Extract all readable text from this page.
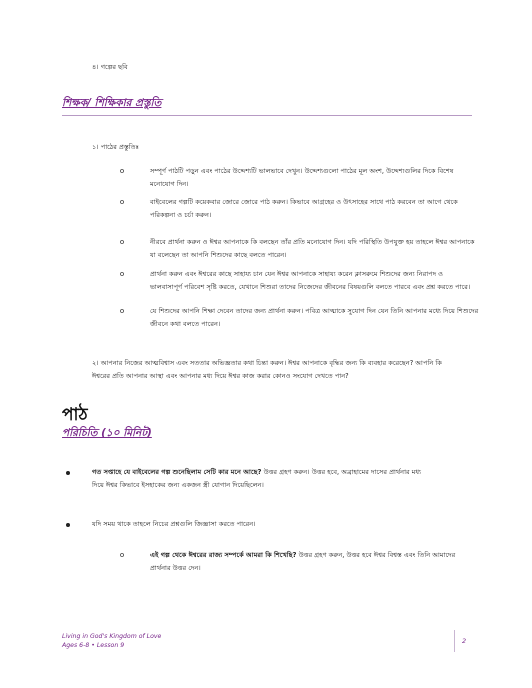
৪। গল্পের ছবি
শিক্ষক/ শিক্ষিকার প্রস্তুতি
১। পাঠের প্রস্তুতিঃ
o	সম্পূর্ণ পাঠটি পড়ুন এবং পাঠের উদ্দেশ্যটি ভালভাবে দেখুন। উদ্দেশ্যগুলো পাঠের মূল অংশ, উদ্দেশ্যগুলির দিকে বিশেষ
মনোযোগ দিন।
o	বাইবেলের গল্পটি কয়েকবার জোরে জোরে পাঠ করুন। কিভাবে আগ্রহের ও উৎসাহের সাথে পাঠ করবেন তা আগে থেকে
পরিকল্পনা ও চর্চা করুন।
o	নীরবে প্রার্থনা করুন ও ঈশ্বর আপনাকে কি বলছেন তাঁর প্রতি মনোযোগ দিন। যদি পরিস্থিতি উপযুক্ত হয় তাহলে ঈশ্বর আপনাকে
যা বলেছেন তা আপনি শিশুদের কাছে বলতে পারেন।
o	প্রার্থনা করুন এবং ঈশ্বরের কাছে সাহায্য চান যেন ঈশ্বর আপনাকে সাহায্য করেন ক্লাসরুমে শিশুদের জন্য নিরাপদ ও
ভালবাসাপূর্ণ পরিবেশ সৃষ্টি করতে, যেখানে শিশুরা তাদের নিজেদের জীবনের বিষয়গুলি বলতে পারবে এবং প্রশ্ন করতে পারে।
o	যে শিশুদের আপনি শিক্ষা দেবেন তাদের জন্য প্রার্থনা করুন। পবিত্র আত্মাকে সুযোগ দিন যেন তিনি আপনার মধ্যে দিয়ে শিশুদের
জীবনে কথা বলতে পারেন।
২। আপনার নিজের আত্মবিশ্বাস এবং সততার অভিজ্ঞতার কথা চিন্তা করুন। ঈশ্বর আপনাকে বৃদ্ধির জন্য কি ব্যবহার করেছেন? আপনি কি
ঈশ্বরের প্রতি আপনার আস্থা এবং আপনার মধ্য দিয়ে ঈশ্বর কাজ করার কোনও সংযোগ দেখতে পান?
পাঠ
পরিচিতি (১০ মিনিট)
গত সপ্তাহে যে বাইবেলের গল্প শুনেছিলাম সেটি কার মনে আছে? উত্তর গ্রহণ করুন। উত্তর হবে, অব্রাহামের দাসের প্রার্থনার মধ্য
দিয়ে ঈশ্বর কিভাবে ইসহাকের জন্য একজন স্ত্রী যোগান দিয়েছিলেন।
যদি সময় থাকে তাহলে নিচের প্রশ্নগুলি জিজ্ঞাসা করতে পারেন।
o	এই গল্প থেকে ঈশ্বরের রাজ্য সম্পর্কে আমরা কি শিখেছি? উত্তর গ্রহণ করুন, উত্তর হবে ঈশ্বর বিশ্বস্ত এবং তিনি আমাদের
প্রার্থনার উত্তর দেন।
Living in God's Kingdom of Love
Ages 6-8 • Lesson 9
2
